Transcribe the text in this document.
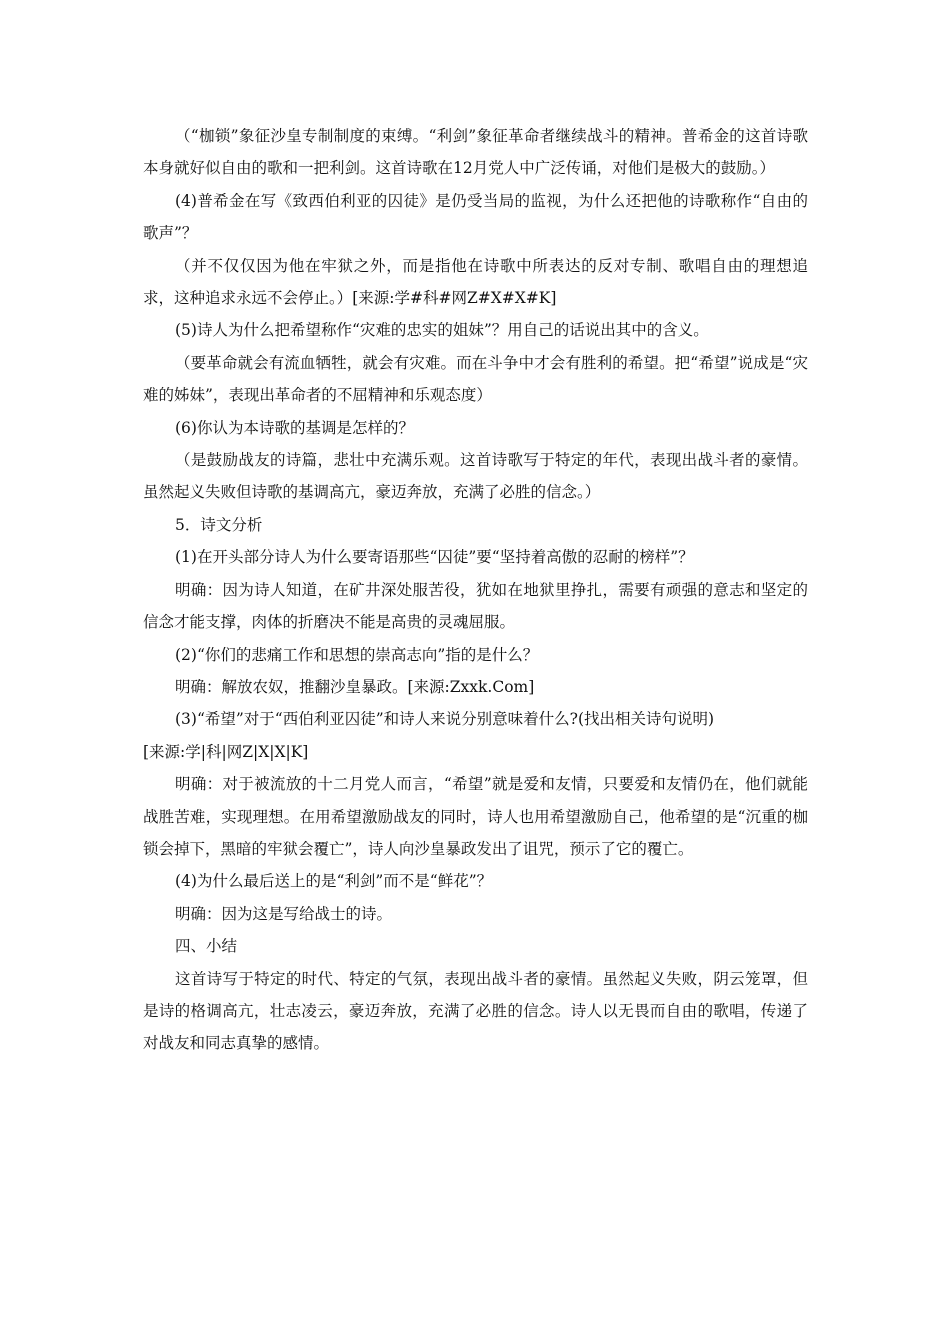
（“枷锁”象征沙皇专制制度的束缚。“利剑”象征革命者继续战斗的精神。普希金的这首诗歌本身就好似自由的歌和一把利剑。这首诗歌在12月党人中广泛传诵，对他们是极大的鼓励。）

(4)普希金在写《致西伯利亚的囚徒》是仍受当局的监视，为什么还把他的诗歌称作“自由的歌声”？

（并不仅仅因为他在牢狱之外，而是指他在诗歌中所表达的反对专制、歌唱自由的理想追求，这种追求永远不会停止。）[来源:学#科#网Z#X#X#K]

(5)诗人为什么把希望称作“灾难的忠实的姐妹”？用自己的话说出其中的含义。

（要革命就会有流血牺牲，就会有灾难。而在斗争中才会有胜利的希望。把“希望”说成是“灾难的姊妹”，表现出革命者的不屈精神和乐观态度）

(6)你认为本诗歌的基调是怎样的？

（是鼓励战友的诗篇，悲壮中充满乐观。这首诗歌写于特定的年代，表现出战斗者的豪情。虽然起义失败但诗歌的基调高亢，豪迈奔放，充满了必胜的信念。）

5．诗文分析

(1)在开头部分诗人为什么要寄语那些“囚徒”要“坚持着高傲的忍耐的榜样”？

明确：因为诗人知道，在矿井深处服苦役，犹如在地狱里挣扎，需要有顽强的意志和坚定的信念才能支撑，肉体的折磨决不能是高贵的灵魂屈服。

(2)“你们的悲痛工作和思想的崇高志向”指的是什么？

明确：解放农奴，推翻沙皇暴政。[来源:Zxxk.Com]

(3)“希望”对于“西伯利亚囚徒”和诗人来说分别意味着什么?(找出相关诗句说明)

[来源:学|科|网Z|X|X|K]

明确：对于被流放的十二月党人而言，“希望”就是爱和友情，只要爱和友情仍在，他们就能战胜苦难，实现理想。在用希望激励战友的同时，诗人也用希望激励自己，他希望的是“沉重的枷锁会掉下，黑暗的牢狱会覆亡”，诗人向沙皇暴政发出了诅咒，预示了它的覆亡。

(4)为什么最后送上的是“利剑”而不是“鲜花”？

明确：因为这是写给战士的诗。

四、小结

这首诗写于特定的时代、特定的气氛，表现出战斗者的豪情。虽然起义失败，阴云笼罩，但是诗的格调高亢，壮志凌云，豪迈奔放，充满了必胜的信念。诗人以无畏而自由的歌唱，传递了对战友和同志真挚的感情。
